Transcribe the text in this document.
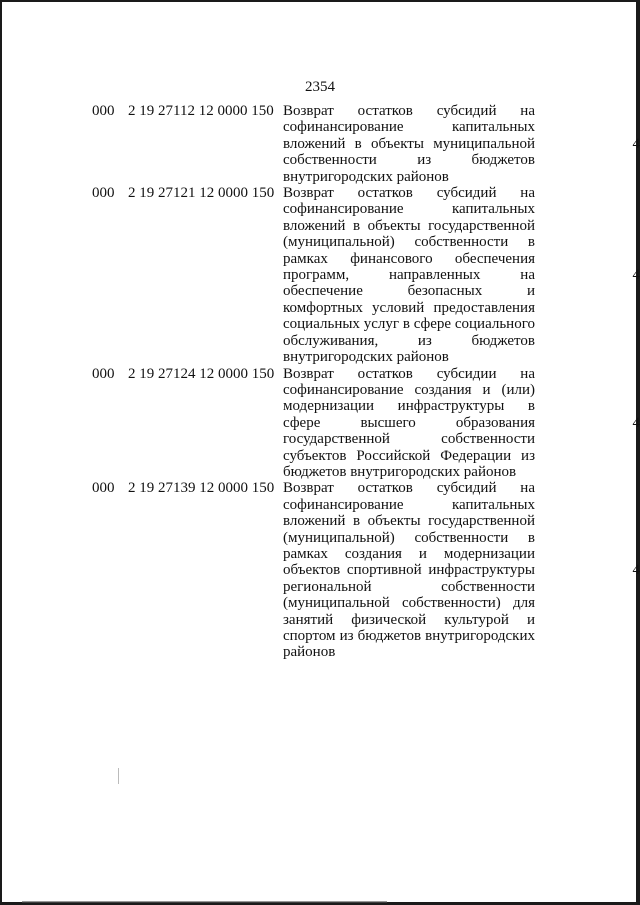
2354
000 2 19 27112 12 0000 150 Возврат остатков субсидий на софинансирование капитальных вложений в объекты муниципальной собственности из бюджетов внутригородских районов
4
000 2 19 27121 12 0000 150 Возврат остатков субсидий на софинансирование капитальных вложений в объекты государственной (муниципальной) собственности в рамках финансового обеспечения программ, направленных на обеспечение безопасных и комфортных условий предоставления социальных услуг в сфере социального обслуживания, из бюджетов внутригородских районов
4
000 2 19 27124 12 0000 150 Возврат остатков субсидии на софинансирование создания и (или) модернизации инфраструктуры в сфере высшего образования государственной собственности субъектов Российской Федерации из бюджетов внутригородских районов
4
000 2 19 27139 12 0000 150 Возврат остатков субсидий на софинансирование капитальных вложений в объекты государственной (муниципальной) собственности в рамках создания и модернизации объектов спортивной инфраструктуры региональной собственности (муниципальной собственности) для занятий физической культурой и спортом из бюджетов внутригородских районов
4
